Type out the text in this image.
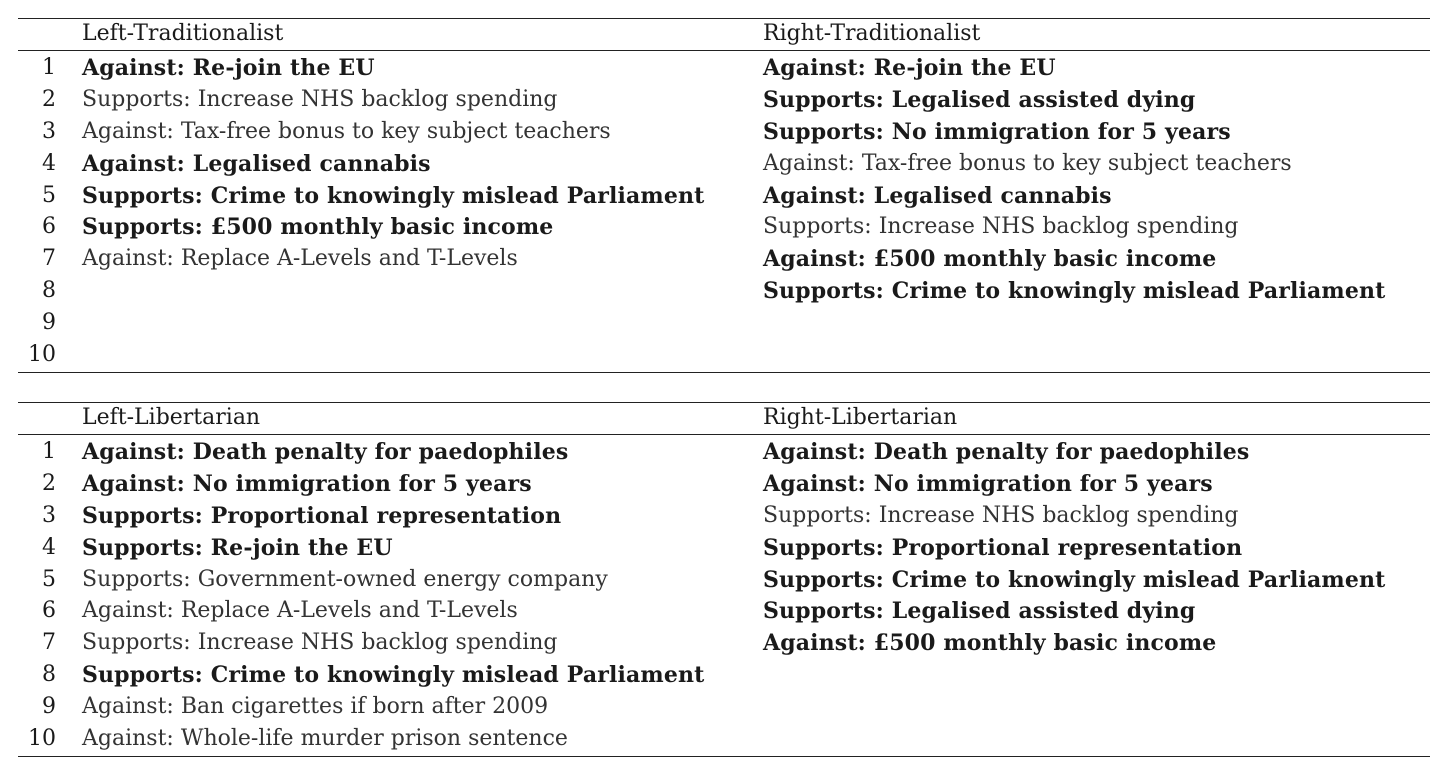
Left-Traditionalist	Right-Traditionalist
1 Against: Re-join the EU	Against: Re-join the EU
2 Supports: Increase NHS backlog spending	Supports: Legalised assisted dying
3 Against: Tax-free bonus to key subject teachers	Supports: No immigration for 5 years
4 Against: Legalised cannabis	Against: Tax-free bonus to key subject teachers
5 Supports: Crime to knowingly mislead Parliament	Against: Legalised cannabis
6 Supports: £500 monthly basic income	Supports: Increase NHS backlog spending
7 Against: Replace A-Levels and T-Levels	Against: £500 monthly basic income
8	Supports: Crime to knowingly mislead Parliament
9
10
Left-Libertarian	Right-Libertarian
1 Against: Death penalty for paedophiles	Against: Death penalty for paedophiles
2 Against: No immigration for 5 years	Against: No immigration for 5 years
3 Supports: Proportional representation	Supports: Increase NHS backlog spending
4 Supports: Re-join the EU	Supports: Proportional representation
5 Supports: Government-owned energy company	Supports: Crime to knowingly mislead Parliament
6 Against: Replace A-Levels and T-Levels	Supports: Legalised assisted dying
7 Supports: Increase NHS backlog spending	Against: £500 monthly basic income
8 Supports: Crime to knowingly mislead Parliament
9 Against: Ban cigarettes if born after 2009
10 Against: Whole-life murder prison sentence
